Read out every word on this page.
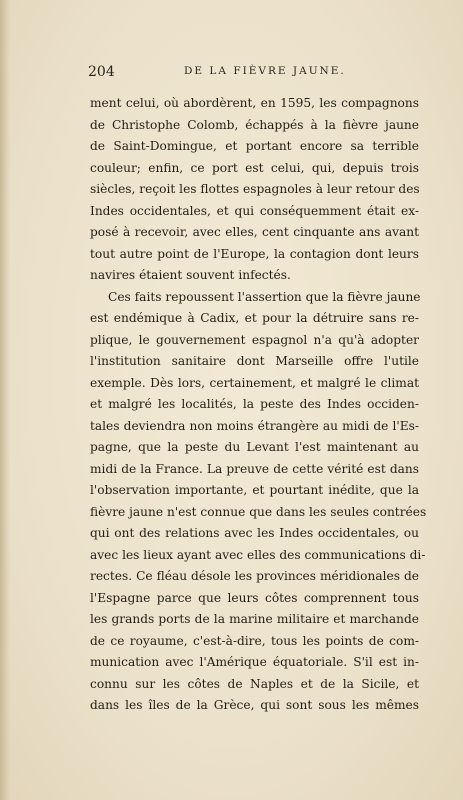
204	DE LA FIÈVRE JAUNE.
ment celui, où abordèrent, en 1595, les compagnons
de Christophe Colomb, échappés à la fièvre jaune
de Saint-Domingue, et portant encore sa terrible
couleur; enfin, ce port est celui, qui, depuis trois
siècles, reçoit les flottes espagnoles à leur retour des
Indes occidentales, et qui conséquemment était ex-
posé à recevoir, avec elles, cent cinquante ans avant
tout autre point de l'Europe, la contagion dont leurs
navires étaient souvent infectés.
Ces faits repoussent l'assertion que la fièvre jaune
est endémique à Cadix, et pour la détruire sans re-
plique, le gouvernement espagnol n'a qu'à adopter
l'institution sanitaire dont Marseille offre l'utile
exemple. Dès lors, certainement, et malgré le climat
et malgré les localités, la peste des Indes occiden-
tales deviendra non moins étrangère au midi de l'Es-
pagne, que la peste du Levant l'est maintenant au
midi de la France. La preuve de cette vérité est dans
l'observation importante, et pourtant inédite, que la
fièvre jaune n'est connue que dans les seules contrées
qui ont des relations avec les Indes occidentales, ou
avec les lieux ayant avec elles des communications di-
rectes. Ce fléau désole les provinces méridionales de
l'Espagne parce que leurs côtes comprennent tous
les grands ports de la marine militaire et marchande
de ce royaume, c'est-à-dire, tous les points de com-
munication avec l'Amérique équatoriale. S'il est in-
connu sur les côtes de Naples et de la Sicile, et
dans les îles de la Grèce, qui sont sous les mêmes
